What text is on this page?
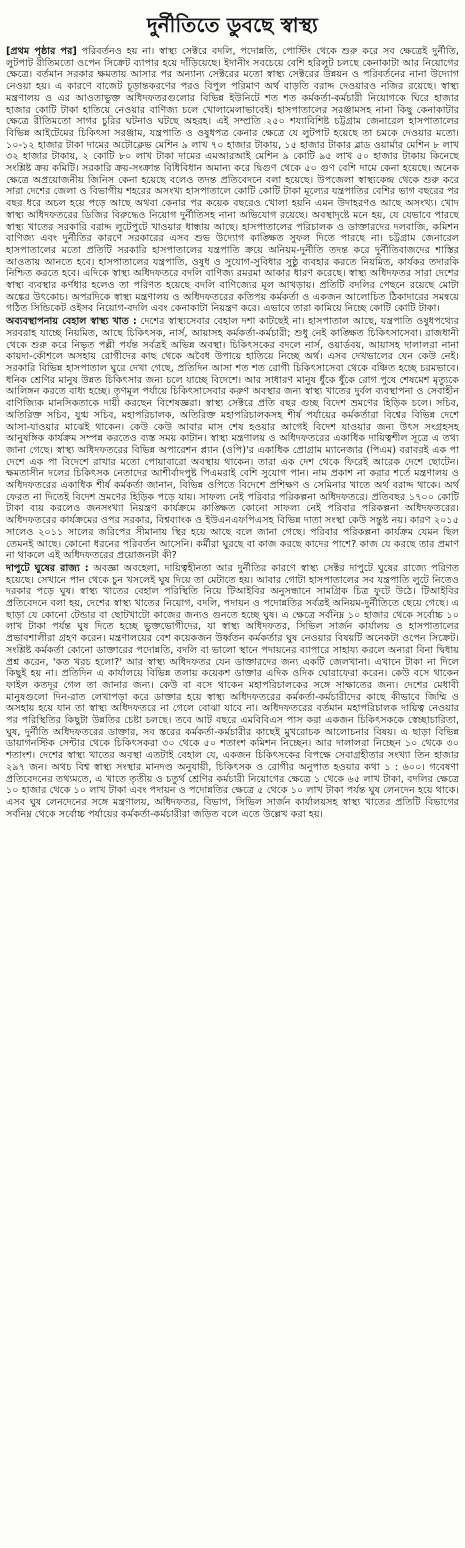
দুর্নীতিতে ডুবছে স্বাস্থ্য

[প্রথম পৃষ্ঠার পর] পরিবর্তনও হয় না। স্বাস্থ্য সেক্টরে বদলি, পদোন্নতি, পোস্টিং থেকে শুরু করে সব ক্ষেত্রেই দুর্নীতি, লুটপাট রীতিমতো ওপেন সিক্রেট ব্যাপার হয়ে দাঁড়িয়েছে। ইদানীং সবচেয়ে বেশি হরিলুট চলছে কেনাকাটা আর নিয়োগের ক্ষেত্রে। বর্তমান সরকার ক্ষমতায় আসার পর অন্যান্য সেক্টরের মতো স্বাস্থ্য সেক্টরের উন্নয়ন ও পরিবর্তনের নানা উদ্যোগ নেওয়া হয়। এ কারণে বাজেট চূড়ান্তকরণের পরও বিপুল পরিমাণ অর্থ বাড়তি বরাদ্দ দেওয়ারও নজির রয়েছে। স্বাস্থ্য মন্ত্রণালয় ও এর আওতাভুক্ত অধিদফতরগুলোর বিভিন্ন ইউনিটে শত শত কর্মকর্তা-কর্মচারী নিয়োগকে ঘিরে হাজার হাজার কোটি টাকা হাতিয়ে নেওয়ার বাণিজ্য চলে খোলামেলাভাবেই। হাসপাতালের সরঞ্জামসহ নানা কিছু কেনাকাটার ক্ষেত্রে রীতিমতো সাগর চুরির ঘটনাও ঘটছে অহরহ। এই সম্প্রতি ২৫০ শয্যাবিশিষ্ট চট্টগ্রাম জেনারেল হাসপাতালের বিভিন্ন আইটেমের চিকিৎসা সরঞ্জাম, যন্ত্রপাতি ও ওষুধপত্র কেনার ক্ষেত্রে যে লুটপাট হয়েছে তা চমকে দেওয়ার মতো। ১০-১২ হাজার টাকা দামের অটোক্লেভ মেশিন ৯ লাখ ৭০ হাজার টাকায়, ১৫ হাজার টাকার ব্লাড ওয়ার্মার মেশিন ৮ লাখ ৩২ হাজার টাকায়, ২ কোটি ৮০ লাখ টাকা দামের এমআরআই মেশিন ৯ কোটি ৯৫ লাখ ৫০ হাজার টাকায় কিনেছে সংশ্লিষ্ট ক্রয় কমিটি। সরকারি ক্রয়-সংক্রান্ত বিধিবিধান অমান্য করে দ্বিগুণ থেকে ৫০ গুণ বেশি দামে কেনা হয়েছে। অনেক ক্ষেত্রে অপ্রয়োজনীয় জিনিস কেনা হয়েছে বলেও তদন্ত প্রতিবেদনে বলা হয়েছে। উপজেলা স্বাস্থ্যকেন্দ্র থেকে শুরু করে সারা দেশের জেলা ও বিভাগীয় শহরের অসংখ্য হাসপাতালে কোটি কোটি টাকা মূল্যের যন্ত্রপাতির বেশির ভাগ বছরের পর বছর ধরে অচল হয়ে পড়ে আছে অথবা কেনার পর কয়েক বছরেও খোলা হয়নি এমন উদাহরণও আছে অসংখ্য। খোদ স্বাস্থ্য অধিদফতরের ডিজির বিরুদ্ধেও নিয়োগ দুর্নীতিসহ নানা অভিযোগ রয়েছে। অবস্থাদৃষ্টে মনে হয়, যে যেভাবে পারছে স্বাস্থ্য খাতের সরকারি বরাদ্দ লুটেপুটে খাওয়ার ধান্ধায় আছে। হাসপাতালের পরিচালক ও ডাক্তারদের দলবাজি, কমিশন বাণিজ্য এবং দুর্নীতির কারণে সরকারের এসব শুভ উদ্যোগ কাঙ্ক্ষিত সুফল দিতে পারছে না। চট্টগ্রাম জেনারেল হাসপাতালের মতো প্রতিটি সরকারি হাসপাতালের যন্ত্রপাতি ক্রয়ে অনিয়ম-দুর্নীতি তদন্ত করে দুর্নীতিবাজদের শাস্তির আওতায় আনতে হবে। হাসপাতালের যন্ত্রপাতি, ওষুধ ও সুযোগ-সুবিধার সুষ্ঠু ব্যবহার করতে নিয়মিত, কার্যকর তদারকি নিশ্চিত করতে হবে। এদিকে স্বাস্থ্য অধিদফতরে বদলি বাণিজ্য রমরমা আকার ধারণ করেছে। স্বাস্থ্য অধিদফতর সারা দেশের স্বাস্থ্য ব্যবস্থার কর্ণধার হলেও তা পরিণত হয়েছে বদলি বাণিজ্যের মূল আখড়ায়। প্রতিটি বদলির পেছনে রয়েছে মোটা অঙ্কের উৎকোচ। অপরদিকে স্বাস্থ্য মন্ত্রণালয় ও অধিদফতরের কতিপয় কর্মকর্তা ও একজন আলোচিত ঠিকাদারের সমন্বয়ে গঠিত সিন্ডিকেট ওইসব নিয়োগ-বদলি এবং কেনাকাটা নিয়ন্ত্রণ করে। এভাবে তারা কামিয়ে নিচ্ছে কোটি কোটি টাকা।

অব্যবস্থাপনায় বেহাল স্বাস্থ্য খাত : দেশের স্বাস্থ্যসেবার বেহাল দশা কাটছেই না। হাসপাতাল আছে, যন্ত্রপাতি ওষুধপথ্যের সরবরাহ যাচ্ছে নিয়মিত, আছে চিকিৎসক, নার্স, আয়াসহ কর্মকর্তা-কর্মচারী; শুধু নেই কাঙ্ক্ষিত চিকিৎসাসেবা। রাজধানী থেকে শুরু করে নিভৃত পল্লী পর্যন্ত সর্বত্রই অভিন্ন অবস্থা। চিকিৎসকের বদলে নার্স, ওয়ার্ডবয়, আয়াসহ দালালরা নানা কায়দা-কৌশলে অসহায় রোগীদের কাছ থেকে অবৈধ উপায়ে হাতিয়ে নিচ্ছে অর্থ। এসব দেখভালের যেন কেউ নেই। সরকারি বিভিন্ন হাসপাতাল ঘুরে দেখা গেছে, প্রতিদিন আসা শত শত রোগী চিকিৎসাসেবা থেকে বঞ্চিত হচ্ছে চরমভাবে। ধনিক শ্রেণির মানুষ উন্নত চিকিৎসার জন্য চলে যাচ্ছে বিদেশে। আর সাধারণ মানুষ ধুঁকে ধুঁকে রোগ পুষে শেষমেশ মৃত্যুকে আলিঙ্গন করতে বাধ্য হচ্ছে। তৃণমূল পর্যায়ে চিকিৎসাসেবার করুণ অবস্থার জন্য স্বাস্থ্য খাতের দুর্বল ব্যবস্থাপনা ও সেবাহীন বাণিজ্যিক মানসিকতাকে দায়ী করছেন বিশেষজ্ঞরা। স্বাস্থ্য সেক্টরে প্রতি বছর গুচ্ছ বিদেশ ভ্রমণের হিড়িক চলে। সচিব, অতিরিক্ত সচিব, যুগ্ম সচিব, মহাপরিচালক, অতিরিক্ত মহাপরিচালকসহ শীর্ষ পর্যায়ের কর্মকর্তারা বিশ্বের বিভিন্ন দেশে আসা-যাওয়ার মাঝেই থাকেন। কেউ কেউ আবার মাস শেষ হওয়ার আগেই বিদেশ যাওয়ার জন্য উৎস সংগ্রহসহ আনুষঙ্গিক কার্যক্রম সম্পন্ন করতেও ব্যস্ত সময় কাটান। স্বাস্থ্য মন্ত্রণালয় ও অধিদফতরের একাধিক দায়িত্বশীল সূত্রে এ তথ্য জানা গেছে। স্বাস্থ্য অধিদফতরের বিভিন্ন অপারেশন প্ল্যান (ওপি)'র একাধিক প্রোগ্রাম ম্যানেজার (পিএম) বরাবরই এক পা দেশে এক পা বিদেশে রাখার মতো পোয়াবারো অবস্থায় থাকেন। তারা এক দেশ থেকে ফিরেই আরেক দেশে ছোটেন। ক্ষমতাসীন দলের চিকিৎসক নেতাদের আশীর্বাদপুষ্ট পিএমরাই বেশি সুযোগ পান। নাম প্রকাশ না করার শর্তে মন্ত্রণালয় ও অধিদফতরের একাধিক শীর্ষ কর্মকর্তা জানান, বিভিন্ন ওপিতে বিদেশে প্রশিক্ষণ ও সেমিনার খাতে অর্থ বরাদ্দ থাকে। অর্থ ফেরত না দিতেই বিদেশ ভ্রমণের হিড়িক পড়ে যায়। সাফল্য নেই পরিবার পরিকল্পনা অধিদফতরে। প্রতিবছর ১৭০০ কোটি টাকা ব্যয় করলেও জনসংখ্যা নিয়ন্ত্রণ কার্যক্রমে কাঙ্ক্ষিত কোনো সাফল্য নেই পরিবার পরিকল্পনা অধিদফতরের। অধিদফতরের কার্যক্রমের ওপর সরকার, বিশ্বব্যাংক ও ইউএনএফপিএসহ বিভিন্ন দাতা সংস্থা কেউ সন্তুষ্ট নয়। কারণ ২০১৫ সালেও ২০১১ সালের জরিপের সীমানায় স্থির হয়ে আছে বলে জানা গেছে। পরিবার পরিকল্পনা কার্যক্রম যেমন ছিল তেমনই আছে। কোনো ধরনের পরিবর্তন আসেনি। কর্মীরা ঘুরছে বা কাজ করছে কাদের পাশে? কাজ যে করছে তার প্রমাণ না থাকলে এই অধিদফতরের প্রয়োজনটা কী?

দাপুটে ঘুষের রাজ্য : অবজ্ঞা অবহেলা, দায়িত্বহীনতা আর দুর্নীতির কারণে স্বাস্থ্য সেক্টর দাপুটে ঘুষের রাজ্যে পরিণত হয়েছে। সেখানে পান থেকে চুন খসলেই ঘুষ দিয়ে তা মেটাতে হয়। আবার গোটা হাসপাতালের সব যন্ত্রপাতি লুটে নিতেও দরকার পড়ে ঘুষ। স্বাস্থ্য খাতের বেহাল পরিস্থিতি নিয়ে টিআইবির অনুসন্ধানে সামগ্রিক চিত্র ফুটে উঠে। টিআইবির প্রতিবেদনে বলা হয়, দেশের স্বাস্থ্য খাতের নিয়োগ, বদলি, পদায়ন ও পদোন্নতির সর্বত্রই অনিয়ম-দুর্নীতিতে ছেয়ে গেছে। এ ছাড়া যে কোনো টেন্ডার বা ছোটখাটো কাজের জন্যও গুনতে হচ্ছে ঘুষ। এ ক্ষেত্রে সর্বনিম্ন ১০ হাজার থেকে সর্বোচ্চ ১০ লাখ টাকা পর্যন্ত ঘুষ দিতে হচ্ছে ভুক্তভোগীদের, যা স্বাস্থ্য অধিদফতর, সিভিল সার্জন কার্যালয় ও হাসপাতালের প্রভাবশালীরা গ্রহণ করেন। মন্ত্রণালয়ের বেশ কয়েকজন উর্ধ্বতন কর্মকর্তার ঘুষ নেওয়ার বিষয়টি অনেকটা ওপেন সিক্রেট। সংশ্লিষ্ট কর্মকর্তা কোনো ডাক্তারের পদোন্নতি, বদলি বা ভালো স্থানে পদায়নের ব্যাপারে সাহায্য করলে অন্যরা বিনা দ্বিধায় প্রশ্ন করেন, 'কত খরচ হলো?' আর স্বাস্থ্য অধিদফতর যেন ডাক্তারদের জন্য একটি জেলখানা। এখানে টাকা না দিলে কিছুই হয় না। প্রতিদিন এ কার্যালয়ে বিভিন্ন তলায় কয়েকশ ডাক্তার এদিক ওদিক ঘোরাফেরা করেন। কেউ বসে থাকেন ফাইল কতদূর গেল তা জানার জন্য। কেউ বা বসে থাকেন মহাপরিচালকের সঙ্গে সাক্ষাতের জন্য। দেশের মেধাবী মানুষগুলো দিন-রাত লেখাপড়া করে ডাক্তার হয়ে স্বাস্থ্য অধিদফতরের কর্মকর্তা-কর্মচারীদের কাছে কীভাবে জিম্মি ও অসহায় হয়ে যান তা স্বাস্থ্য অধিদফতরে না গেলে বোঝা যাবে না। অধিদফতরের বর্তমান মহাপরিচালক দায়িত্ব নেওয়ার পর পরিস্থিতির কিছুটা উন্নতির চেষ্টা চলছে। তবে আট বছরে এমবিবিএস পাস করা একজন চিকিৎসককে স্বেচ্ছাচারিতা, ঘুষ, দুর্নীতি অধিদফতরের ডাক্তার, সব স্তরের কর্মকর্তা-কর্মচারীর কাছেই মুখরোচক আলোচনার বিষয়। এ ছাড়া বিভিন্ন ডায়াগনস্টিক সেন্টার থেকে চিকিৎসকরা ৩০ থেকে ৫০ শতাংশ কমিশন নিচ্ছেন। আর দালালরা নিচ্ছেন ১০ থেকে ৩০ শতাংশ। দেশের স্বাস্থ্য খাতের অবস্থা এতটাই বেহাল যে, একজন চিকিৎসকের বিপক্ষে সেবাগ্রহীতার সংখ্যা তিন হাজার ২৯৭ জন। অথচ বিশ্ব স্বাস্থ্য সংস্থার মানদণ্ড অনুযায়ী, চিকিৎসক ও রোগীর অনুপাত হওয়ার কথা ১ : ৬০০। গবেষণা প্রতিবেদনের তথ্যমতে, এ খাতে তৃতীয় ও চতুর্থ শ্রেণির কর্মচারী নিয়োগের ক্ষেত্রে ১ থেকে ৬৫ লাখ টাকা, বদলির ক্ষেত্রে ১০ হাজার থেকে ১০ লাখ টাকা এবং পদায়ন ও পদোন্নতির ক্ষেত্রে ৫ থেকে ১০ লাখ টাকা পর্যন্ত ঘুষ লেনদেন হয়ে থাকে। এসব ঘুষ লেনদেনের সঙ্গে মন্ত্রণালয়, অধিদফতর, বিভাগ, সিভিল সার্জন কার্যালয়সহ স্বাস্থ্য খাতের প্রতিটি বিভাগের সর্বনিম্ন থেকে সর্বোচ্চ পর্যায়ের কর্মকর্তা-কর্মচারীরা জড়িত বলে এতে উল্লেখ করা হয়।
